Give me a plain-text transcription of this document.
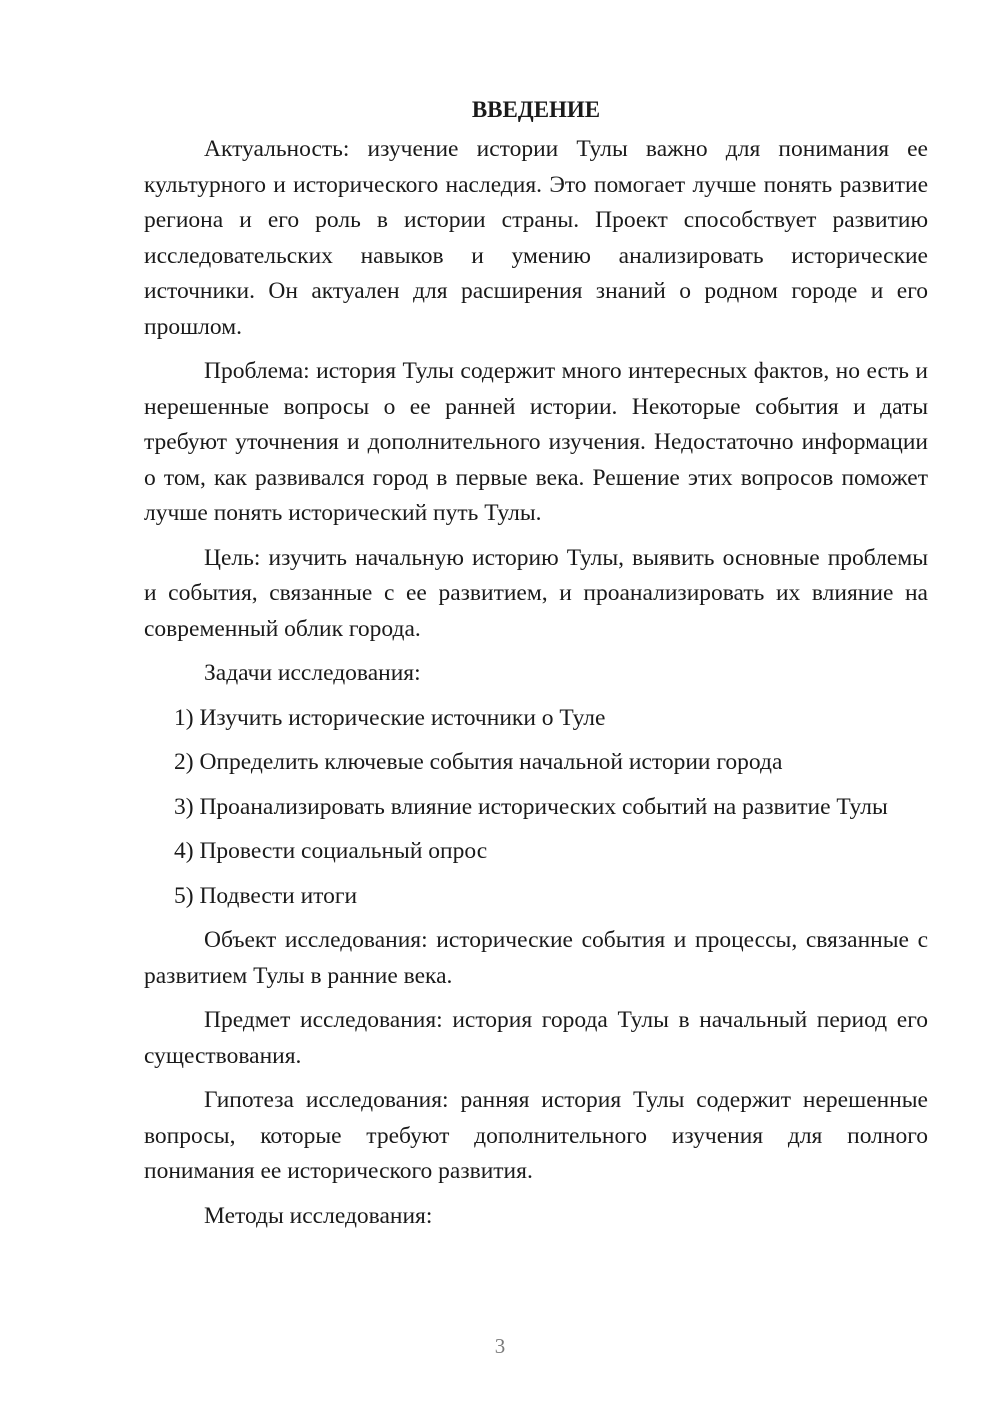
ВВЕДЕНИЕ

Актуальность: изучение истории Тулы важно для понимания ее культурного и исторического наследия. Это помогает лучше понять развитие региона и его роль в истории страны. Проект способствует развитию исследовательских навыков и умению анализировать исторические источники. Он актуален для расширения знаний о родном городе и его прошлом.

Проблема: история Тулы содержит много интересных фактов, но есть и нерешенные вопросы о ее ранней истории. Некоторые события и даты требуют уточнения и дополнительного изучения. Недостаточно информации о том, как развивался город в первые века. Решение этих вопросов поможет лучше понять исторический путь Тулы.

Цель: изучить начальную историю Тулы, выявить основные проблемы и события, связанные с ее развитием, и проанализировать их влияние на современный облик города.

Задачи исследования:

1) Изучить исторические источники о Туле

2) Определить ключевые события начальной истории города

3) Проанализировать влияние исторических событий на развитие Тулы

4) Провести социальный опрос

5) Подвести итоги

Объект исследования: исторические события и процессы, связанные с развитием Тулы в ранние века.

Предмет исследования: история города Тулы в начальный период его существования.

Гипотеза исследования: ранняя история Тулы содержит нерешенные вопросы, которые требуют дополнительного изучения для полного понимания ее исторического развития.

Методы исследования:

3
